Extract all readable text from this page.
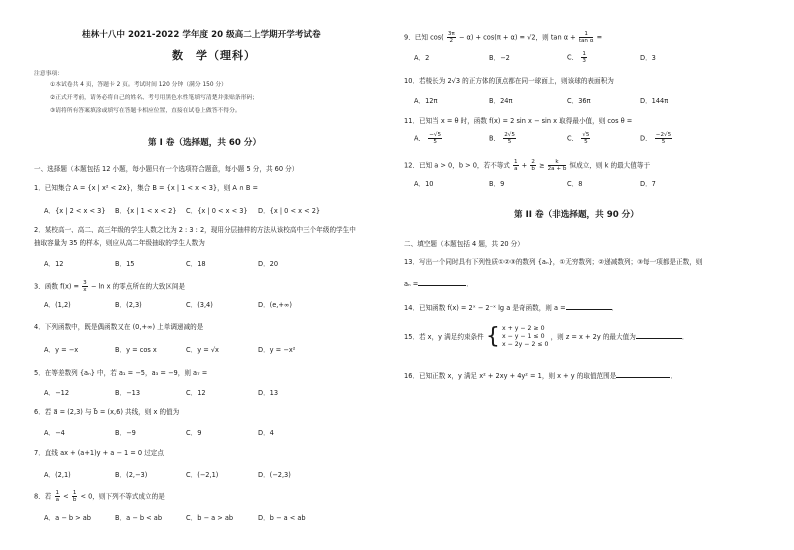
桂林十八中 2021-2022 学年度 20 级高二上学期开学考试卷
数　学（理科）
注意事项：
①本试卷共 4 页，答题卡 2 页。考试时间 120 分钟（满分 150 分）
②正式开考前，请务必将自己的姓名、考号用黑色水性笔填写清楚并张贴条形码；
③请将所有答案填涂或填写在答题卡相应位置，直接在试卷上做答不得分。
第 I 卷（选择题，共 60 分）
一、选择题（本题包括 12 小题，每小题只有一个选项符合题意，每小题 5 分，共 60 分）
1．已知集合 A = {x | x² < 2x}，集合 B = {x | 1 < x < 3}，则 A ∩ B =
A．{x | 2 < x < 3} B．{x | 1 < x < 2} C．{x | 0 < x < 3} D．{x | 0 < x < 2}
2．某校高一、高二、高三年级的学生人数之比为 2 : 3 : 2，现用分层抽样的方法从该校高中三个年级的学生中
抽取容量为 35 的样本，则应从高二年级抽取的学生人数为
A．12	B．15	C．18	D．20
3．函数 $f(x) = \frac{3}{x} - \ln x$ 的零点所在的大致区间是
A．(1,2)	B．(2,3)	C．(3,4)	D．(e,+∞)
4．下列函数中，既是偶函数又在 (0,+∞) 上单调递减的是
A．y = −x	B．y = cos x	C．y = √x	D．y = −x²
5．在等差数列 {aₙ} 中，若 a₁ = −5，a₃ = −9，则 a₇ =
A．−12	B．−13	C．12	D．13
6．若 a⃗ = (2,3) 与 b⃗ = (x,6) 共线，则 x 的值为
A．−4	B．−9	C．9	D．4
7．直线 ax + (a+1)y + a − 1 = 0 过定点
A．(2,1)	B．(2,−3)	C．(−2,1)	D．(−2,3)
8．若 $\frac{1}{a} < \frac{1}{b} < 0$，则下列不等式成立的是
A．a − b > ab	B．a − b < ab	C．b − a > ab	D．b − a < ab
9．已知 $\cos( \frac{3\pi}{2} - \alpha) + \cos(\pi + \alpha) = √2$，则 $\tan \alpha + \frac{1}{\text{tan α}}$ =
A．2	B．−2	C． $\frac{1}{3}$	D．3
10．若棱长为 2√3 的正方体的顶点都在同一球面上，则该球的表面积为
A．12π	B．24π	C．36π	D．144π
11．已知当 x = θ 时，函数 f(x) = 2 sin x − sin x 取得最小值，则 cos θ =
A． $\frac{-√5}{5}$	B． $\frac{2√5}{5}$	C． $\frac{√5}{5}$	D． $\frac{-2√5}{5}$
12．已知 a > 0，b > 0，若不等式 $\frac{1}{a} + \frac{2}{b} \ge \frac{k}{2a + b}$ 恒成立，则 k 的最大值等于
A．10	B．9	C．8	D．7
第 II 卷（非选择题，共 90 分）
二、填空题（本题包括 4 题，共 20 分）
13．写出一个同时具有下列性质①②③的数列 {aₙ}，①无穷数列；②递减数列；③每一项都是正数，则
aₙ =	．
14．已知函数 f(x) = 2ˣ − 2⁻ˣ lg a 是奇函数，则 a =	．
15．若 x，y 满足约束条件 { x + y − 2 ≥ 0
x − y − 1 ≤ 0
x − 2y − 2 ≤ 0
，则 z = x + 2y 的最大值为	．
16．已知正数 x，y 满足 x² + 2xy + 4y² = 1，则 x + y 的取值范围是	．
